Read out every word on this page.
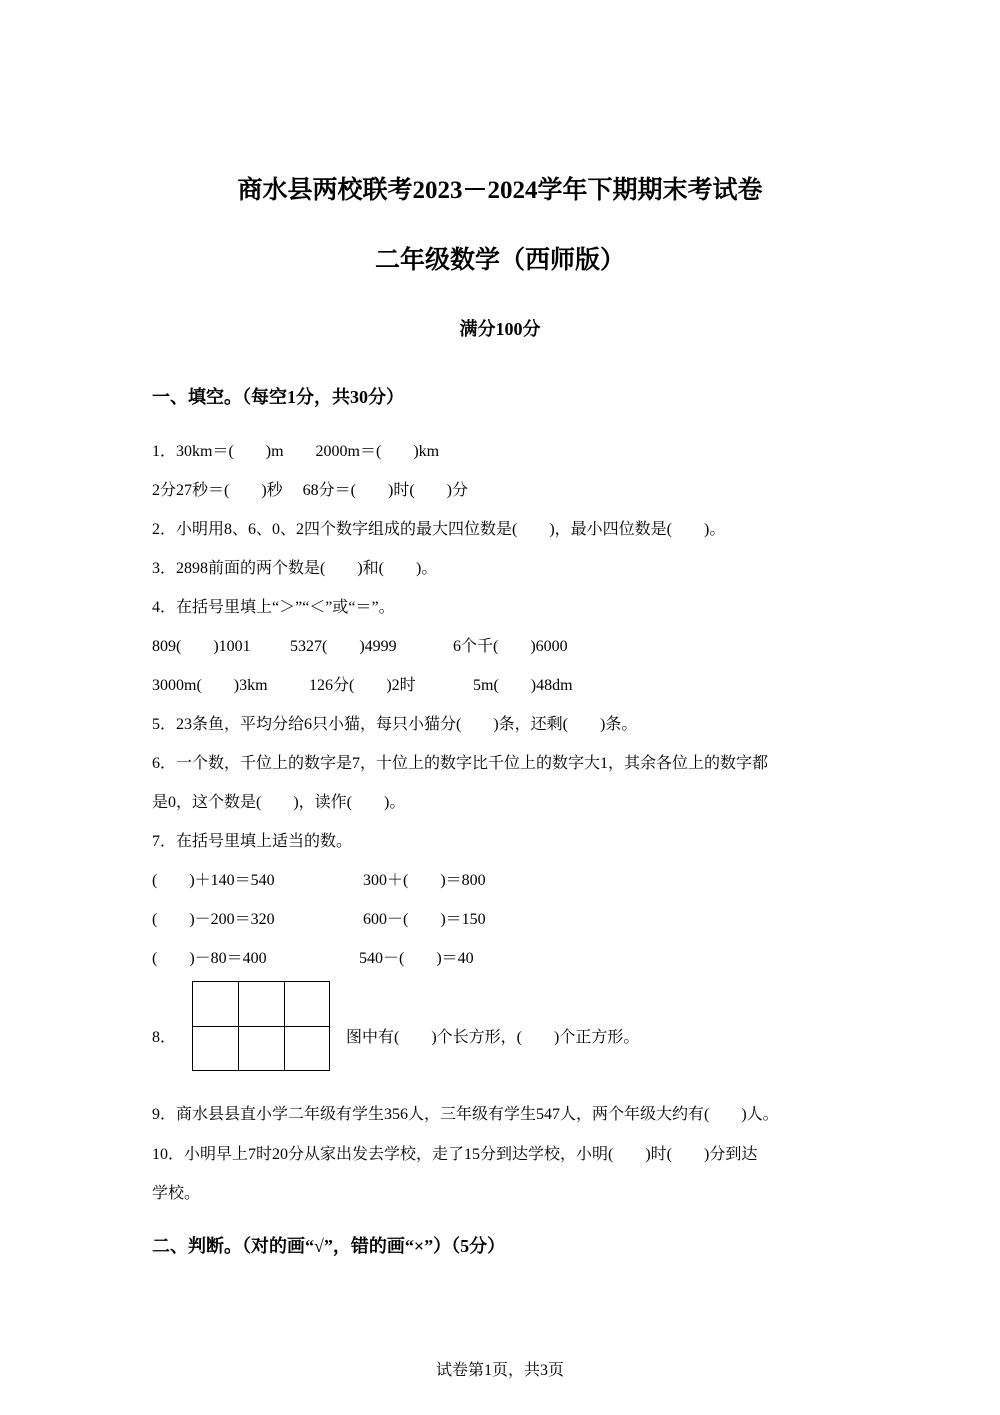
商水县两校联考2023－2024学年下期期末考试卷
二年级数学（西师版）
满分100分
一、填空。（每空1分，共30分）
1．30km＝(　　)m　　2000m＝(　　)km
2分27秒＝(　　)秒　 68分＝(　　)时(　　)分
2．小明用8、6、0、2四个数字组成的最大四位数是(　　)，最小四位数是(　　)。
3．2898前面的两个数是(　　)和(　　)。
4．在括号里填上“＞”“＜”或“＝”。
809(　　)1001 5327(　　)4999	6个千(　　)6000
3000m(　　)3km	126分(　　)2时	5m(　　)48dm
5．23条鱼，平均分给6只小猫，每只小猫分(　　)条，还剩(　　)条。
6．一个数，千位上的数字是7，十位上的数字比千位上的数字大1，其余各位上的数字都
是0，这个数是(　　)，读作(　　)。
7．在括号里填上适当的数。
(　　)＋140＝540	300＋(　　)＝800
(　　)－200＝320	600－(　　)＝150
(　　)－80＝400	540－(　　)＝40
8．	图中有(　　)个长方形，(　　)个正方形。
9．商水县县直小学二年级有学生356人，三年级有学生547人，两个年级大约有(　　)人。
10．小明早上7时20分从家出发去学校，走了15分到达学校，小明(　　)时(　　)分到达
学校。
二、判断。（对的画“√”，错的画“×”）（5分）
试卷第1页，共3页
